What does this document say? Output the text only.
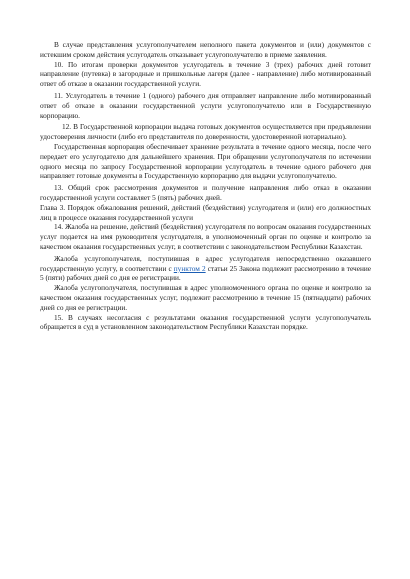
В случае представления услугополучателем неполного пакета документов и (или) документов с истекшим сроком действия услугодатель отказывает услугополучателю в приеме заявления.

10. По итогам проверки документов услугодатель в течение 3 (трех) рабочих дней готовит направление (путевка) в загородные и пришкольные лагеря (далее - направление) либо мотивированный ответ об отказе в оказании государственной услуги.

11. Услугодатель в течение 1 (одного) рабочего дня отправляет направление либо мотивированный ответ об отказе в оказании государственной услуги услугополучателю или в Государственную корпорацию.

12. В Государственной корпорации выдача готовых документов осуществляется при предъявлении удостоверения личности (либо его представителя по доверенности, удостоверенной нотариально).

Государственная корпорация обеспечивает хранение результата в течение одного месяца, после чего передает его услугодателю для дальнейшего хранения. При обращении услугополучателя по истечении одного месяца по запросу Государственной корпорации услугодатель в течение одного рабочего дня направляет готовые документы в Государственную корпорацию для выдачи услугополучателю.

13. Общий срок рассмотрения документов и получение направления либо отказ в оказании государственной услуги составляет 5 (пять) рабочих дней.

Глава 3. Порядок обжалования решений, действий (бездействия) услугодателя и (или) его должностных лиц в процессе оказания государственной услуги

14. Жалоба на решение, действий (бездействия) услугодателя по вопросам оказания государственных услуг подается на имя руководителя услугодателя, в уполномоченный орган по оценке и контролю за качеством оказания государственных услуг, в соответствии с законодательством Республики Казахстан.

Жалоба услугополучателя, поступившая в адрес услугодателя непосредственно оказавшего государственную услугу, в соответствии с пунктом 2 статьи 25 Закона подлежит рассмотрению в течение 5 (пяти) рабочих дней со дня ее регистрации.

Жалоба услугополучателя, поступившая в адрес уполномоченного органа по оценке и контролю за качеством оказания государственных услуг, подлежит рассмотрению в течение 15 (пятнадцати) рабочих дней со дня ее регистрации.

15. В случаях несогласия с результатами оказания государственной услуги услугополучатель обращается в суд в установленном законодательством Республики Казахстан порядке.
